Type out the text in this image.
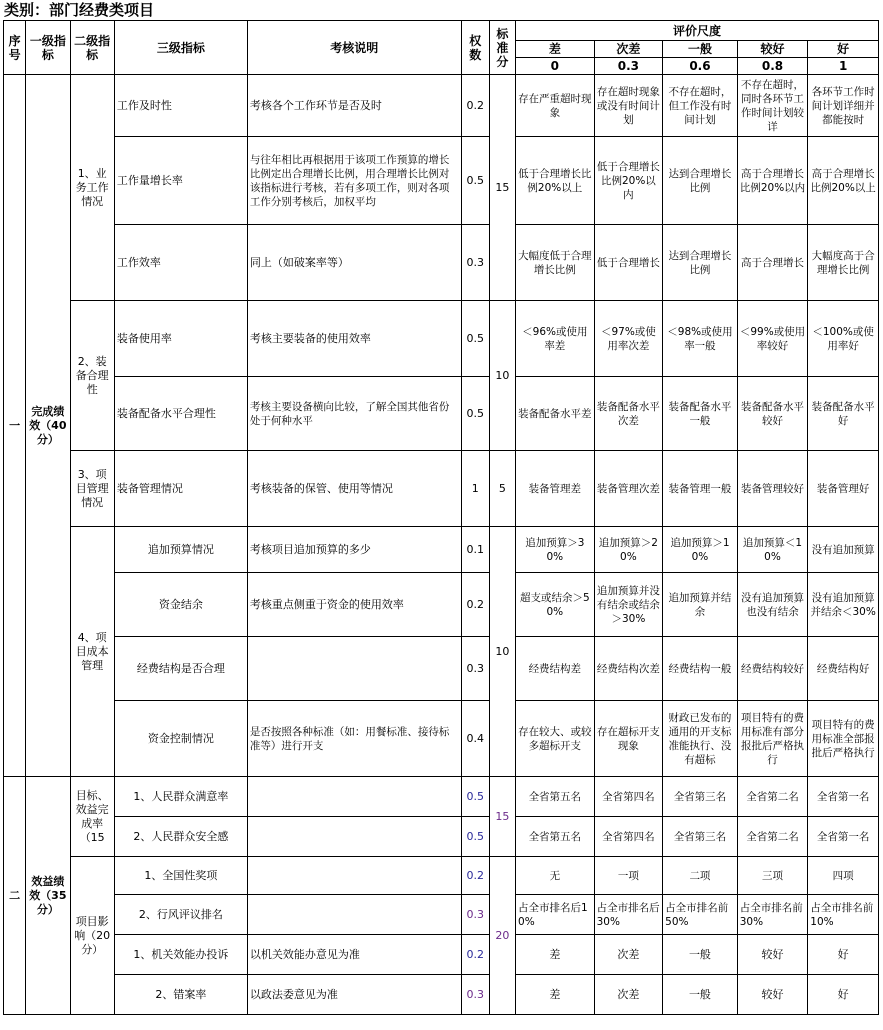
类别：部门经费类项目
序号	一级指标	二级指标	三级指标	考核说明	权数	标准分	评价尺度				
							差	次差	一般	较好	好
							0	0.3	0.6	0.8	1
一	完成绩效（40分）	1、业务工作情况	工作及时性	考核各个工作环节是否及时	0.2	15	存在严重超时现象	存在超时现象或没有时间计划	不存在超时，但工作没有时间计划	不存在超时，同时各环节工作时间计划较详	各环节工作时间计划详细并都能按时
			工作量增长率	与往年相比再根据用于该项工作预算的增长比例定出合理增长比例，用合理增长比例对该指标进行考核，若有多项工作，则对各项工作分别考核后，加权平均	0.5		低于合理增长比例20%以上	低于合理增长比例20%以内	达到合理增长比例	高于合理增长比例20%以内	高于合理增长比例20%以上
			工作效率	同上（如破案率等）	0.3		大幅度低于合理增长比例	低于合理增长	达到合理增长比例	高于合理增长	大幅度高于合理增长比例
		2、装备合理性	装备使用率	考核主要装备的使用效率	0.5	10	＜96%或使用率差	＜97%或使用率次差	＜98%或使用率一般	＜99%或使用率较好	＜100%或使用率好
			装备配备水平合理性	考核主要设备横向比较，了解全国其他省份处于何种水平	0.5		装备配备水平差	装备配备水平次差	装备配备水平一般	装备配备水平较好	装备配备水平好
		3、项目管理情况	装备管理情况	考核装备的保管、使用等情况	1	5	装备管理差	装备管理次差	装备管理一般	装备管理较好	装备管理好
		4、项目成本管理	追加预算情况	考核项目追加预算的多少	0.1	10	追加预算＞30%	追加预算＞20%	追加预算＞10%	追加预算＜10%	没有追加预算
			资金结余	考核重点侧重于资金的使用效率	0.2		超支或结余＞50%	追加预算并没有结余或结余＞30%	追加预算并结余	没有追加预算也没有结余	没有追加预算并结余＜30%
			经费结构是否合理		0.3		经费结构差	经费结构次差	经费结构一般	经费结构较好	经费结构好
			资金控制情况	是否按照各种标准（如：用餐标准、接待标准等）进行开支	0.4		存在较大、或较多超标开支	存在超标开支现象	财政已发布的通用的开支标准能执行、没有超标	项目特有的费用标准有部分报批后严格执行	项目特有的费用标准全部报批后严格执行
二	效益绩效（35分）	目标、效益完成率（15	1、人民群众满意率		0.5	15	全省第五名	全省第四名	全省第三名	全省第二名	全省第一名
			2、人民群众安全感		0.5		全省第五名	全省第四名	全省第三名	全省第二名	全省第一名
		项目影响（20分）	1、全国性奖项		0.2	20	无	一项	二项	三项	四项
			2、行风评议排名		0.3		占全市排名后10%	占全市排名后30%	占全市排名前50%	占全市排名前30%	占全市排名前10%
			1、机关效能办投诉	以机关效能办意见为准	0.2		差	次差	一般	较好	好
			2、错案率	以政法委意见为准	0.3		差	次差	一般	较好	好
